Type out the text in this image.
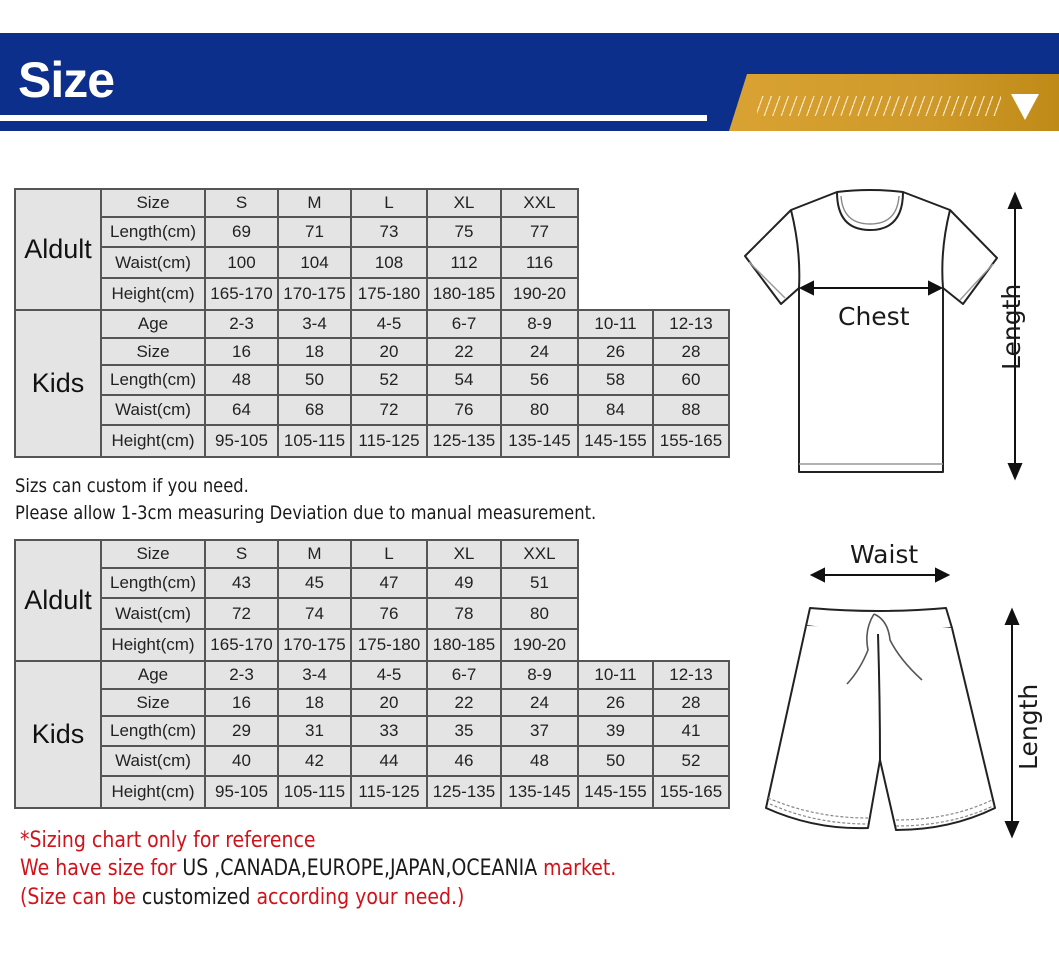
Size
Aldult	Size	S	M	L	XL	XXL		
	Length(cm)	69	71	73	75	77		
	Waist(cm)	100	104	108	112	116		
	Height(cm)	165-170	170-175	175-180	180-185	190-20		
Kids	Age	2-3	3-4	4-5	6-7	8-9	10-11	12-13
	Size	16	18	20	22	24	26	28
	Length(cm)	48	50	52	54	56	58	60
	Waist(cm)	64	68	72	76	80	84	88
	Height(cm)	95-105	105-115	115-125	125-135	135-145	145-155	155-165
Sizs can custom if you need.
Please allow 1-3cm measuring Deviation due to manual measurement.
Aldult	Size	S	M	L	XL	XXL		
	Length(cm)	43	45	47	49	51		
	Waist(cm)	72	74	76	78	80		
	Height(cm)	165-170	170-175	175-180	180-185	190-20		
Kids	Age	2-3	3-4	4-5	6-7	8-9	10-11	12-13
	Size	16	18	20	22	24	26	28
	Length(cm)	29	31	33	35	37	39	41
	Waist(cm)	40	42	44	46	48	50	52
	Height(cm)	95-105	105-115	115-125	125-135	135-145	145-155	155-165
*Sizing chart only for reference
We have size for US ,CANADA,EUROPE,JAPAN,OCEANIA market.
(Size can be customized according your need.)
Chest	Length
Waist
Length
